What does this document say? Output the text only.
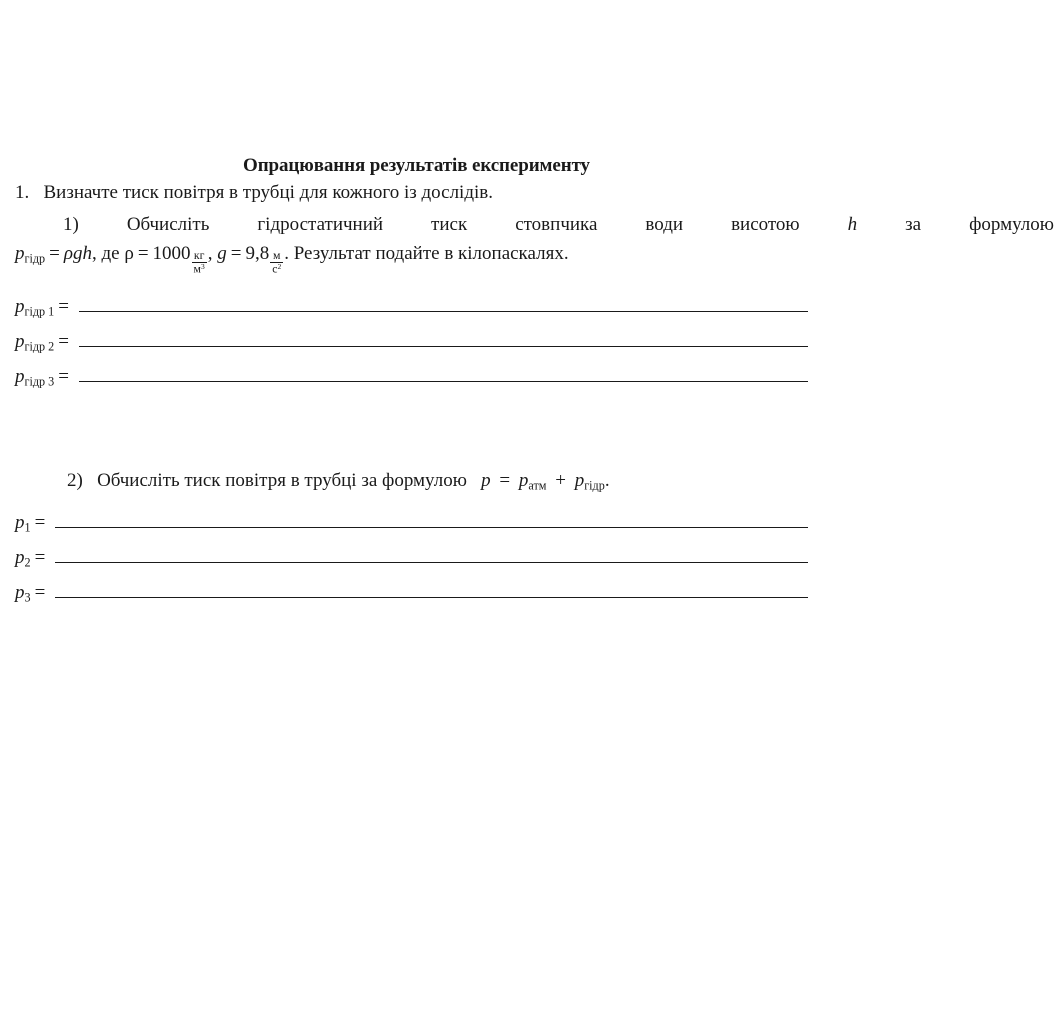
Опрацювання результатів експерименту
1. Визначте тиск повітря в трубці для кожного із дослідів.
1)	Обчисліть	гідростатичний	тиск	стовпчика	води	висотою	h	за	формулою
$p_{гідр} = \rho gh$ ,
де
$\rho = 1000 \frac{кг}{м^3}$ ,
$g = 9,8 \frac{м}{с^2}$ . Результат подайте в кілопаскалях.
$p_{гідр 1}$ =
$p_{гідр 2}$ =
$p_{гідр 3}$ =
2) Обчисліть тиск повітря в трубці за формулою $p = p_{атм} + p_{гідр}$.
$p_1$ =
$p_2$ =
$p_3$ =
